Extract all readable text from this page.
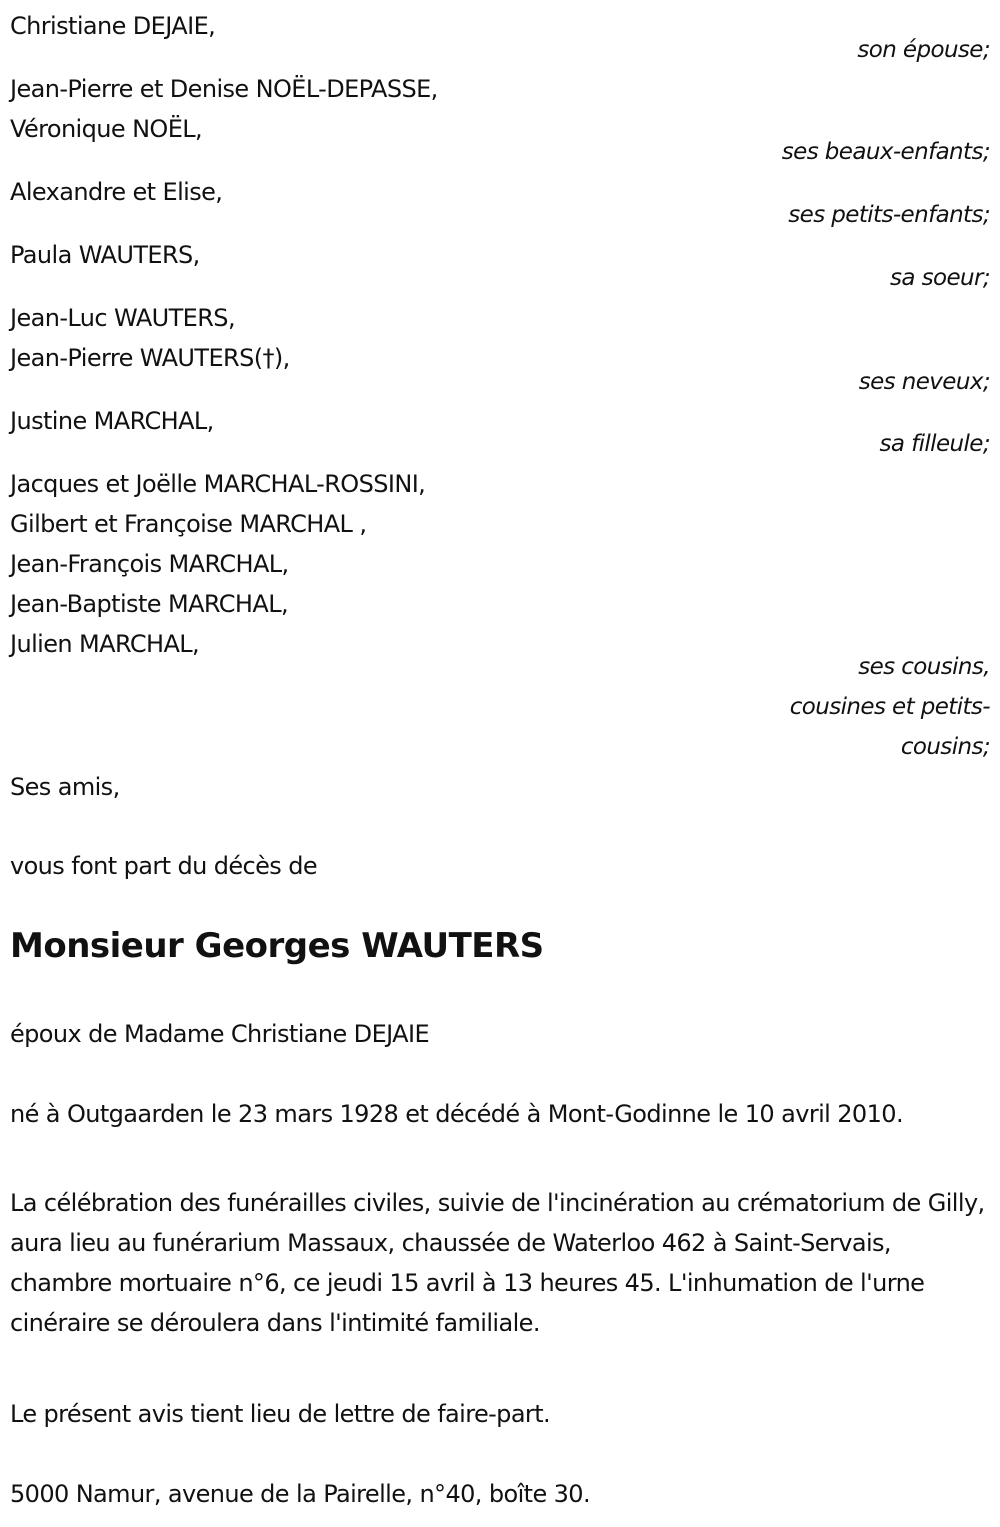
Christiane DEJAIE,
son épouse;
Jean-Pierre et Denise NOËL-DEPASSE,
Véronique NOËL,
ses beaux-enfants;
Alexandre et Elise,
ses petits-enfants;
Paula WAUTERS,
sa soeur;
Jean-Luc WAUTERS,
Jean-Pierre WAUTERS(†),
ses neveux;
Justine MARCHAL,
sa filleule;
Jacques et Joëlle MARCHAL-ROSSINI,
Gilbert et Françoise MARCHAL ,
Jean-François MARCHAL,
Jean-Baptiste MARCHAL,
Julien MARCHAL,
ses cousins,
cousines et petits-
cousins;
Ses amis,
vous font part du décès de
Monsieur Georges WAUTERS
époux de Madame Christiane DEJAIE
né à Outgaarden le 23 mars 1928 et décédé à Mont-Godinne le 10 avril 2010.
La célébration des funérailles civiles, suivie de l'incinération au crématorium de Gilly, aura lieu au funérarium Massaux, chaussée de Waterloo 462 à Saint-Servais, chambre mortuaire n°6, ce jeudi 15 avril à 13 heures 45. L'inhumation de l'urne cinéraire se déroulera dans l'intimité familiale.
Le présent avis tient lieu de lettre de faire-part.
5000 Namur, avenue de la Pairelle, n°40, boîte 30.
